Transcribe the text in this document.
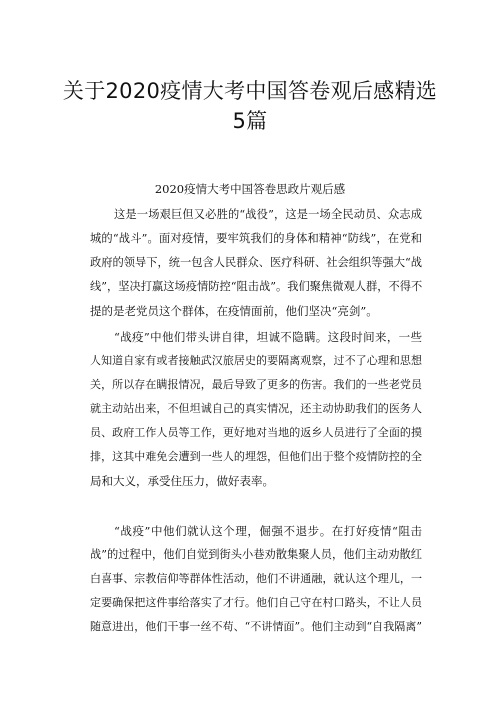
关于2020疫情大考中国答卷观后感精选
5篇

2020疫情大考中国答卷思政片观后感

这是一场艰巨但又必胜的“战役”，这是一场全民动员、众志成
城的“战斗”。面对疫情，要牢筑我们的身体和精神“防线”，在党和
政府的领导下，统一包含人民群众、医疗科研、社会组织等强大“战
线”，坚决打赢这场疫情防控“阻击战”。我们聚焦微观人群，不得不
提的是老党员这个群体，在疫情面前，他们坚决“亮剑”。
“战疫”中他们带头讲自律，坦诚不隐瞒。这段时间来，一些
人知道自家有或者接触武汉旅居史的要隔离观察，过不了心理和思想
关，所以存在瞒报情况，最后导致了更多的伤害。我们的一些老党员
就主动站出来，不但坦诚自己的真实情况，还主动协助我们的医务人
员、政府工作人员等工作，更好地对当地的返乡人员进行了全面的摸
排，这其中难免会遭到一些人的埋怨，但他们出于整个疫情防控的全
局和大义，承受住压力，做好表率。
“战疫”中他们就认这个理，倔强不退步。在打好疫情“阻击
战”的过程中，他们自觉到街头小巷劝散集聚人员，他们主动劝散红
白喜事、宗教信仰等群体性活动，他们不讲通融，就认这个理儿，一
定要确保把这件事给落实了才行。他们自己守在村口路头，不让人员
随意进出，他们干事一丝不苟、“不讲情面”。他们主动到“自我隔离”
